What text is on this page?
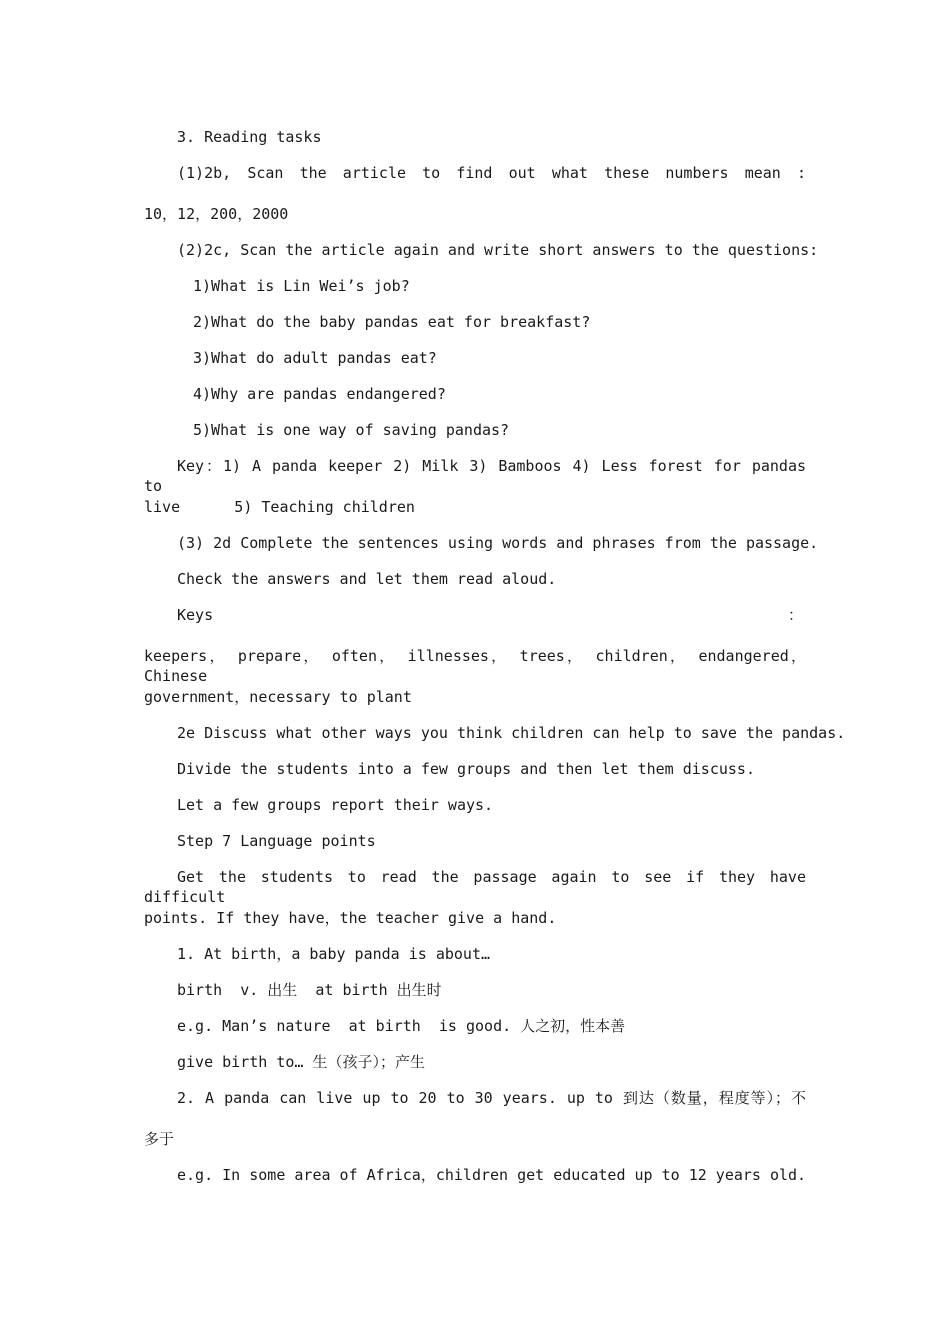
3. Reading tasks

(1)2b, Scan the article to find out what these numbers mean :

10，12，200，2000

(2)2c, Scan the article again and write short answers to the questions:

1)What is Lin Wei’s job?

2)What do the baby pandas eat for breakfast?

3)What do adult pandas eat?

4)Why are pandas endangered?

5)What is one way of saving pandas?

Key：1) A panda keeper 2) Milk 3) Bamboos 4) Less forest for pandas to

live      5) Teaching children

(3) 2d Complete the sentences using words and phrases from the passage.

Check the answers and let them read aloud.

Keys	：

keepers， prepare， often， illnesses， trees， children， endangered， Chinese

government，necessary to plant

2e Discuss what other ways you think children can help to save the pandas.

Divide the students into a few groups and then let them discuss.

Let a few groups report their ways.

Step 7 Language points

Get the students to read the passage again to see if they have difficult

points. If they have，the teacher give a hand.

1. At birth，a baby panda is about…

birth  v. 出生  at birth 出生时

e.g. Man’s nature  at birth  is good. 人之初，性本善

give birth to… 生（孩子）；产生

2. A panda can live up to 20 to 30 years. up to 到达（数量，程度等）；不

多于

e.g. In some area of Africa，children get educated up to 12 years old.
